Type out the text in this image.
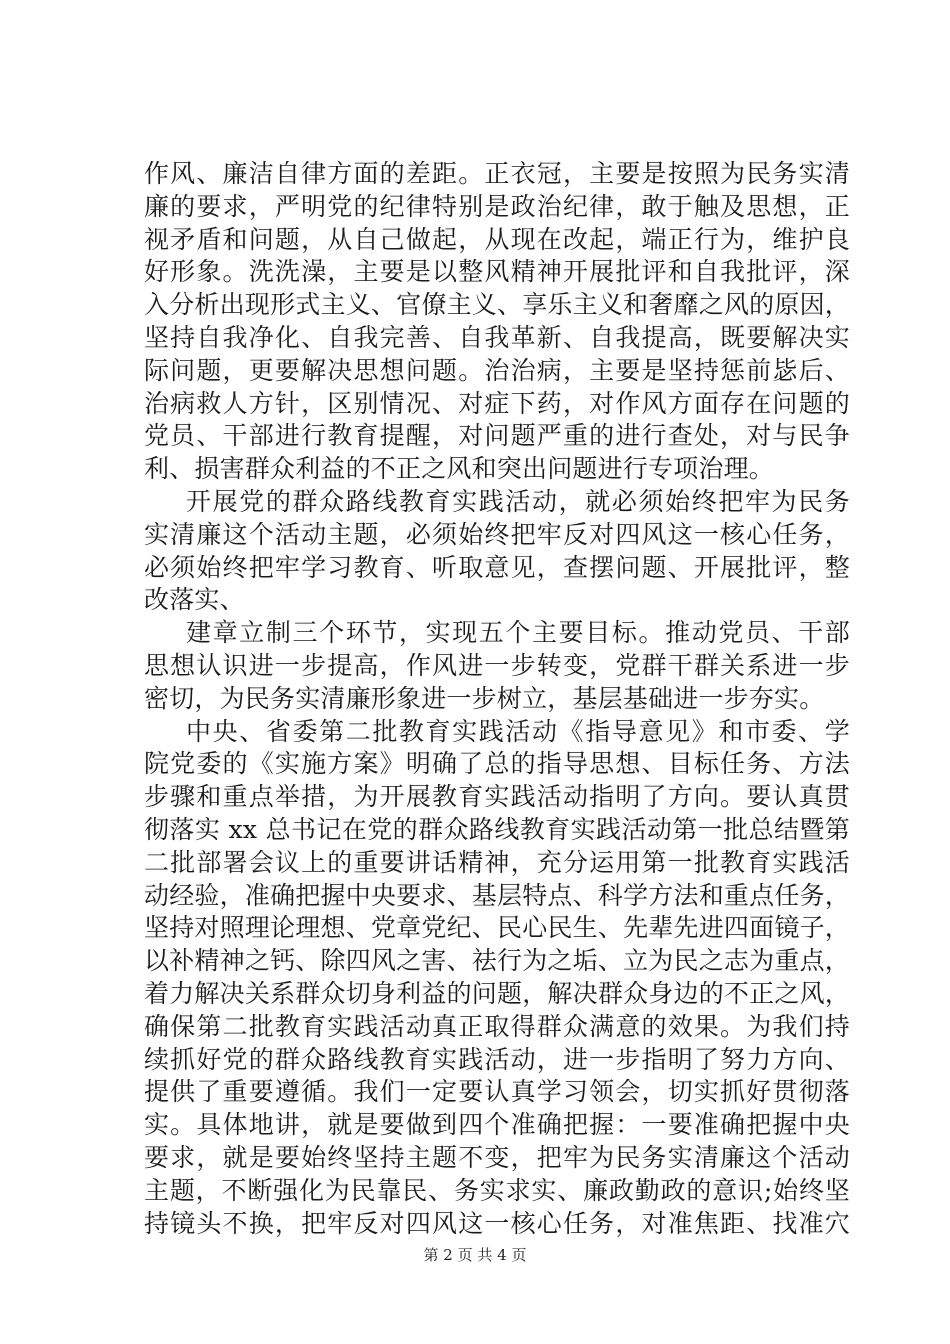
作风、廉洁自律方面的差距。正衣冠，主要是按照为民务实清
廉的要求，严明党的纪律特别是政治纪律，敢于触及思想，正
视矛盾和问题，从自己做起，从现在改起，端正行为，维护良
好形象。洗洗澡，主要是以整风精神开展批评和自我批评，深
入分析出现形式主义、官僚主义、享乐主义和奢靡之风的原因，
坚持自我净化、自我完善、自我革新、自我提高，既要解决实
际问题，更要解决思想问题。治治病，主要是坚持惩前毖后、
治病救人方针，区别情况、对症下药，对作风方面存在问题的
党员、干部进行教育提醒，对问题严重的进行查处，对与民争
利、损害群众利益的不正之风和突出问题进行专项治理。
开展党的群众路线教育实践活动，就必须始终把牢为民务
实清廉这个活动主题，必须始终把牢反对四风这一核心任务，
必须始终把牢学习教育、听取意见，查摆问题、开展批评，整
改落实、
建章立制三个环节，实现五个主要目标。推动党员、干部
思想认识进一步提高，作风进一步转变，党群干群关系进一步
密切，为民务实清廉形象进一步树立，基层基础进一步夯实。
中央、省委第二批教育实践活动《指导意见》和市委、学
院党委的《实施方案》明确了总的指导思想、目标任务、方法
步骤和重点举措，为开展教育实践活动指明了方向。要认真贯
彻落实 xx 总书记在党的群众路线教育实践活动第一批总结暨第
二批部署会议上的重要讲话精神，充分运用第一批教育实践活
动经验，准确把握中央要求、基层特点、科学方法和重点任务，
坚持对照理论理想、党章党纪、民心民生、先辈先进四面镜子，
以补精神之钙、除四风之害、祛行为之垢、立为民之志为重点，
着力解决关系群众切身利益的问题，解决群众身边的不正之风，
确保第二批教育实践活动真正取得群众满意的效果。为我们持
续抓好党的群众路线教育实践活动，进一步指明了努力方向、
提供了重要遵循。我们一定要认真学习领会，切实抓好贯彻落
实。具体地讲，就是要做到四个准确把握：一要准确把握中央
要求，就是要始终坚持主题不变，把牢为民务实清廉这个活动
主题，不断强化为民靠民、务实求实、廉政勤政的意识;始终坚
持镜头不换，把牢反对四风这一核心任务，对准焦距、找准穴
第 2 页 共 4 页
